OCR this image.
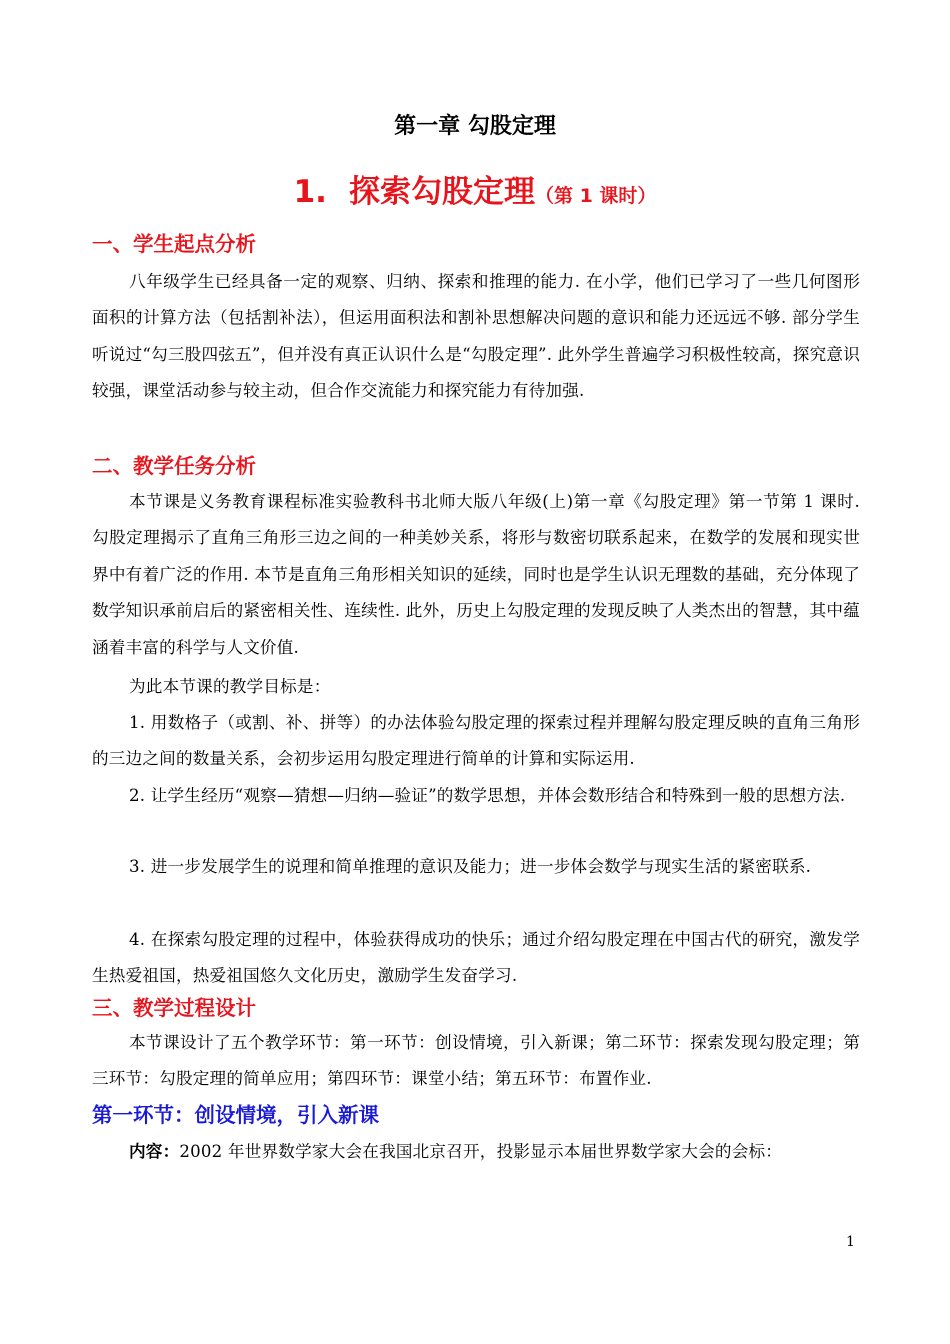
第一章 勾股定理
1. 探索勾股定理（第 1 课时）
一、学生起点分析

八年级学生已经具备一定的观察、归纳、探索和推理的能力. 在小学，他们已学习了一些几何图形面积的计算方法（包括割补法），但运用面积法和割补思想解决问题的意识和能力还远远不够. 部分学生听说过“勾三股四弦五”，但并没有真正认识什么是“勾股定理”. 此外学生普遍学习积极性较高，探究意识较强，课堂活动参与较主动，但合作交流能力和探究能力有待加强.

二、教学任务分析

本节课是义务教育课程标准实验教科书北师大版八年级(上)第一章《勾股定理》第一节第 1 课时. 勾股定理揭示了直角三角形三边之间的一种美妙关系，将形与数密切联系起来，在数学的发展和现实世界中有着广泛的作用. 本节是直角三角形相关知识的延续，同时也是学生认识无理数的基础，充分体现了数学知识承前启后的紧密相关性、连续性. 此外，历史上勾股定理的发现反映了人类杰出的智慧，其中蕴涵着丰富的科学与人文价值.

为此本节课的教学目标是：

1. 用数格子（或割、补、拼等）的办法体验勾股定理的探索过程并理解勾股定理反映的直角三角形的三边之间的数量关系，会初步运用勾股定理进行简单的计算和实际运用.

2. 让学生经历“观察—猜想—归纳—验证”的数学思想，并体会数形结合和特殊到一般的思想方法.

3. 进一步发展学生的说理和简单推理的意识及能力；进一步体会数学与现实生活的紧密联系.

4. 在探索勾股定理的过程中，体验获得成功的快乐；通过介绍勾股定理在中国古代的研究，激发学生热爱祖国，热爱祖国悠久文化历史，激励学生发奋学习.

三、教学过程设计

本节课设计了五个教学环节：第一环节：创设情境，引入新课；第二环节：探索发现勾股定理；第三环节：勾股定理的简单应用；第四环节：课堂小结；第五环节：布置作业.

第一环节：创设情境，引入新课

内容：2002 年世界数学家大会在我国北京召开，投影显示本届世界数学家大会的会标：

1
